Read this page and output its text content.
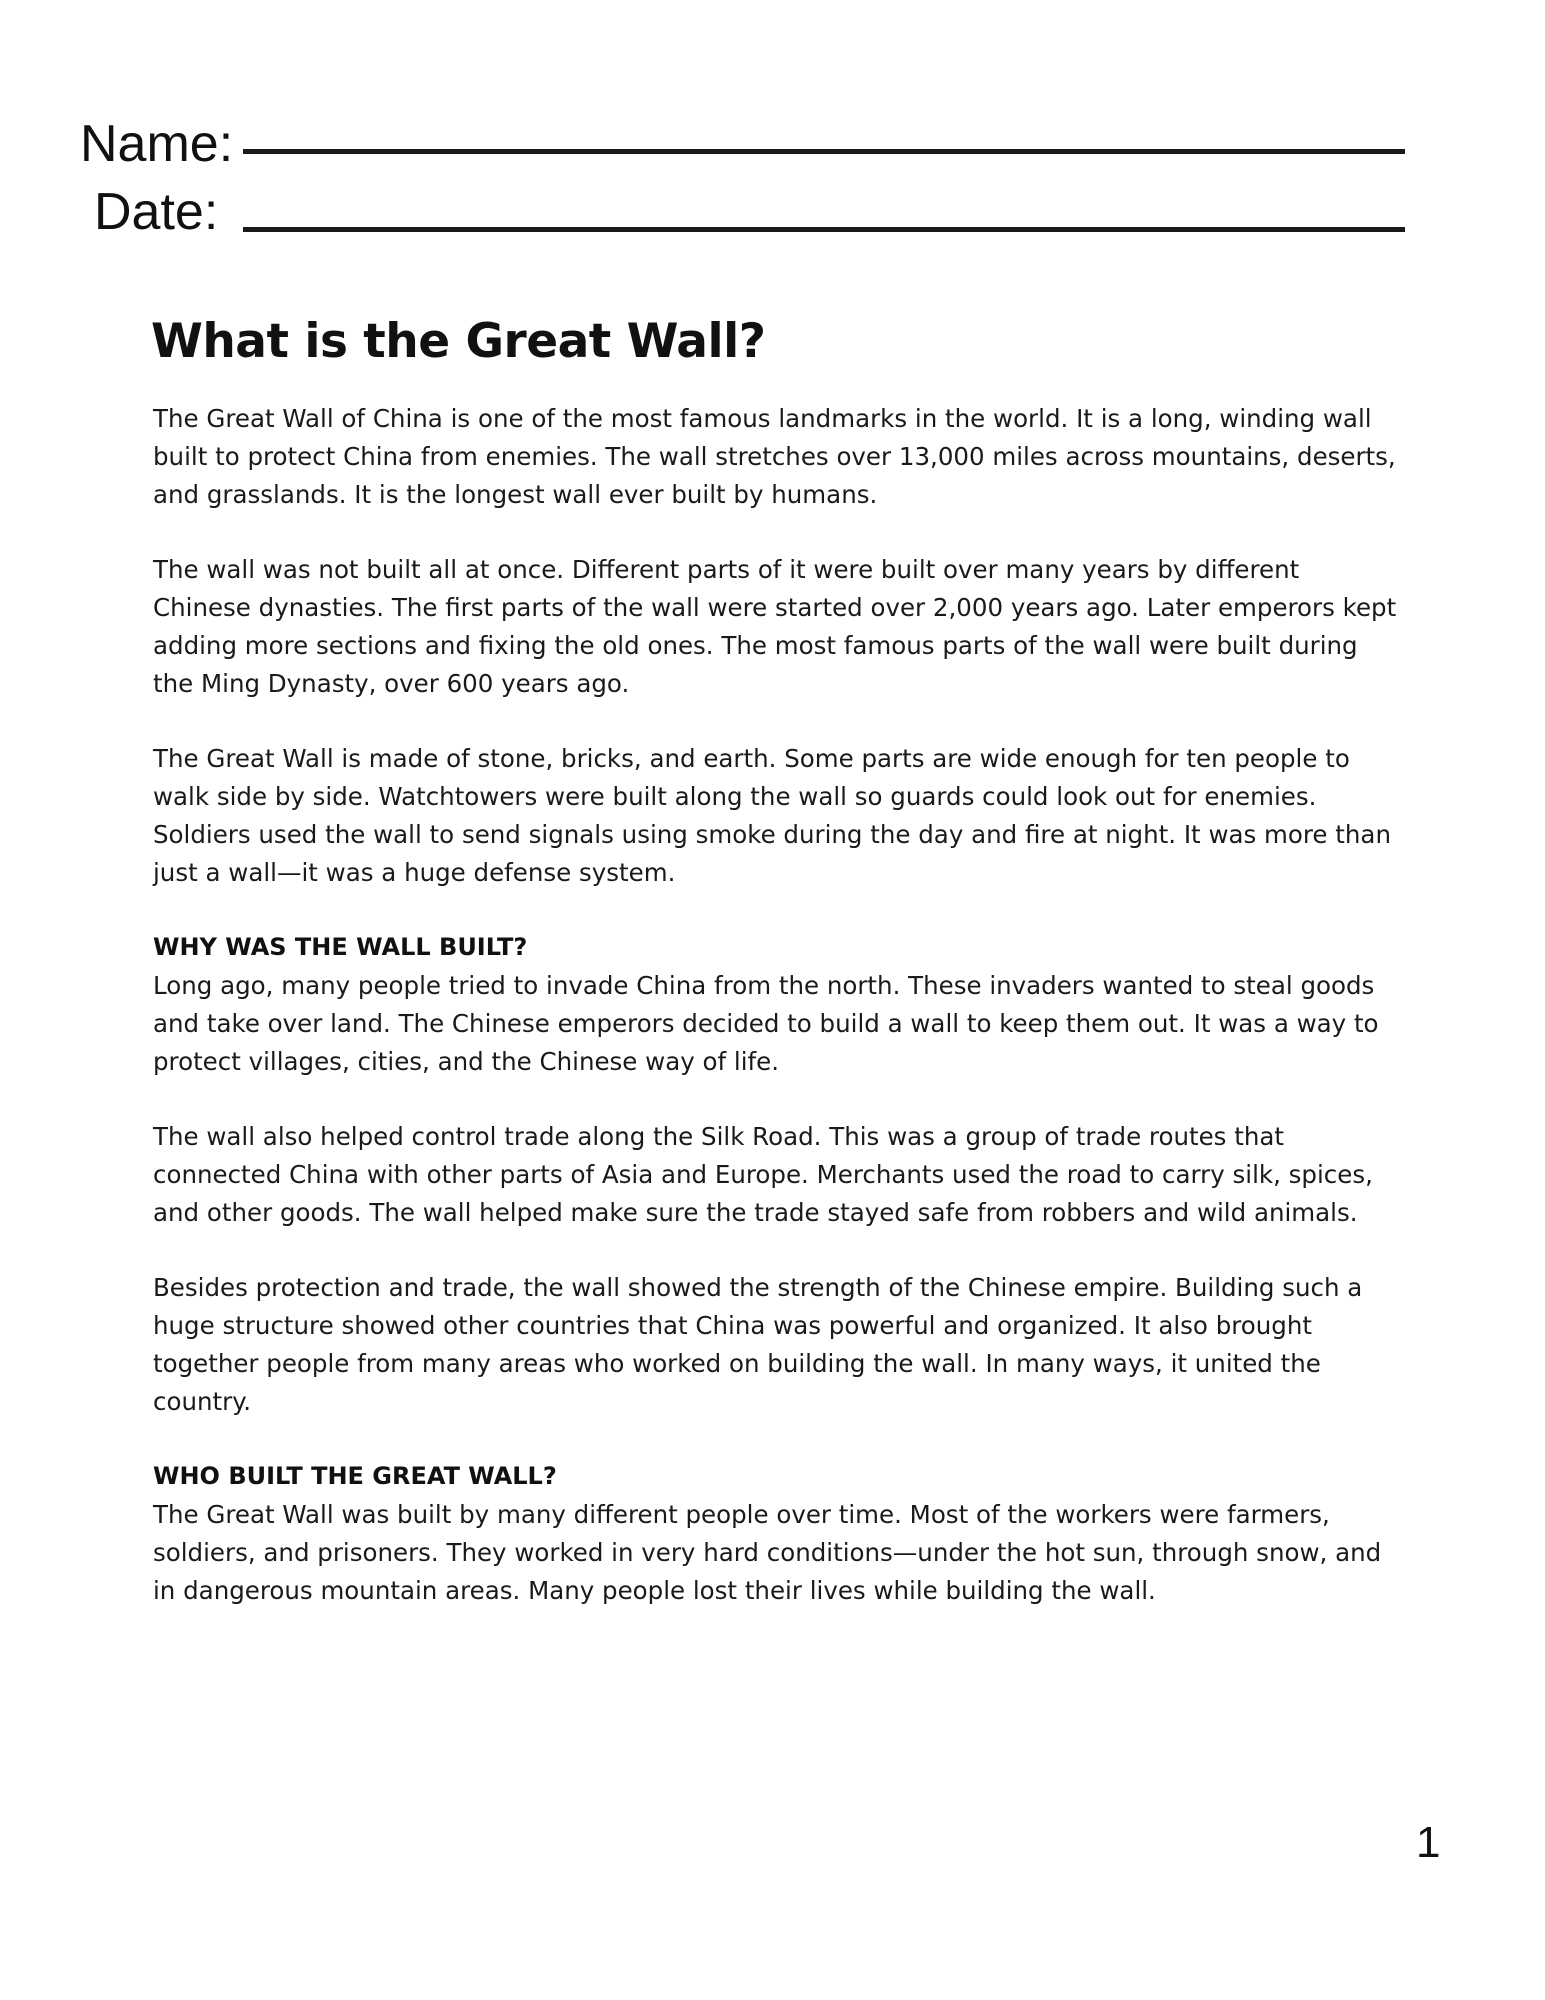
Name:
Date:
What is the Great Wall?

The Great Wall of China is one of the most famous landmarks in the world. It is a long, winding wall built to protect China from enemies. The wall stretches over 13,000 miles across mountains, deserts, and grasslands. It is the longest wall ever built by humans.

The wall was not built all at once. Different parts of it were built over many years by different Chinese dynasties. The first parts of the wall were started over 2,000 years ago. Later emperors kept adding more sections and fixing the old ones. The most famous parts of the wall were built during the Ming Dynasty, over 600 years ago.

The Great Wall is made of stone, bricks, and earth. Some parts are wide enough for ten people to walk side by side. Watchtowers were built along the wall so guards could look out for enemies. Soldiers used the wall to send signals using smoke during the day and fire at night. It was more than just a wall—it was a huge defense system.

WHY WAS THE WALL BUILT?

Long ago, many people tried to invade China from the north. These invaders wanted to steal goods and take over land. The Chinese emperors decided to build a wall to keep them out. It was a way to protect villages, cities, and the Chinese way of life.

The wall also helped control trade along the Silk Road. This was a group of trade routes that connected China with other parts of Asia and Europe. Merchants used the road to carry silk, spices, and other goods. The wall helped make sure the trade stayed safe from robbers and wild animals.

Besides protection and trade, the wall showed the strength of the Chinese empire. Building such a huge structure showed other countries that China was powerful and organized. It also brought together people from many areas who worked on building the wall. In many ways, it united the country.

WHO BUILT THE GREAT WALL?

The Great Wall was built by many different people over time. Most of the workers were farmers, soldiers, and prisoners. They worked in very hard conditions—under the hot sun, through snow, and in dangerous mountain areas. Many people lost their lives while building the wall.

1
